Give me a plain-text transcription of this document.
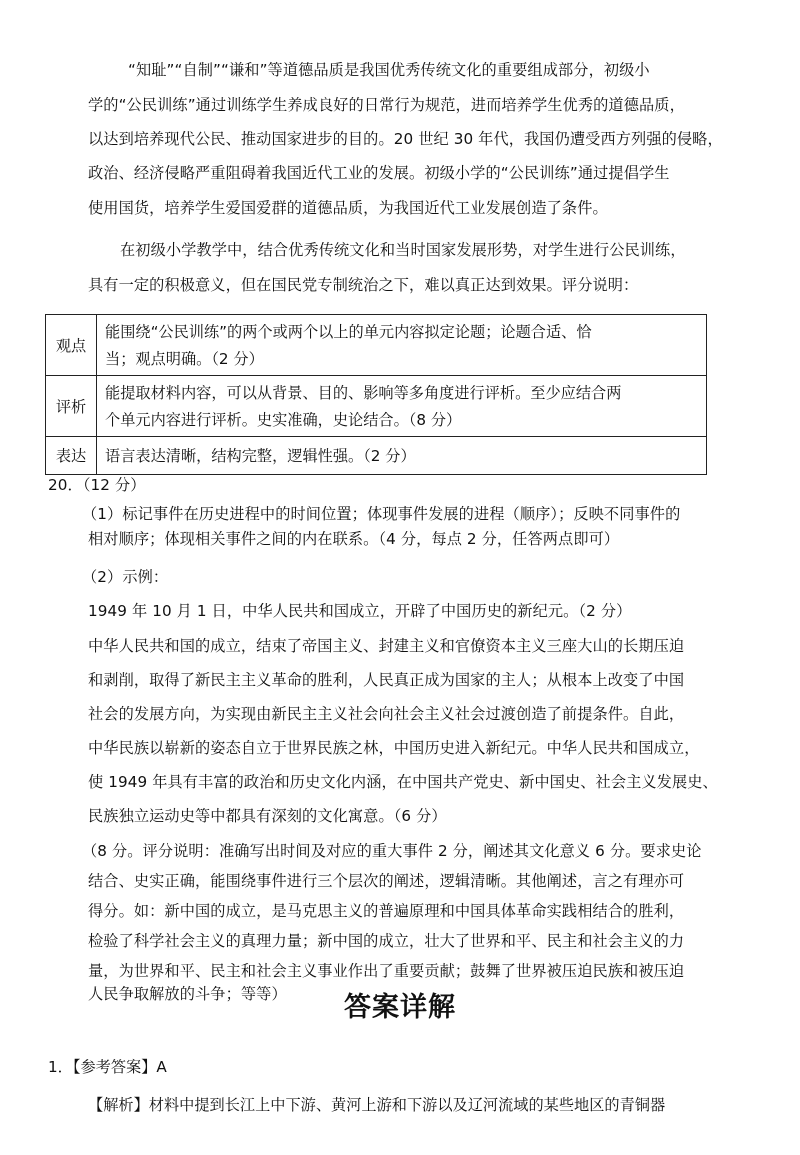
“知耻”“自制”“谦和”等道德品质是我国优秀传统文化的重要组成部分，初级小

学的“公民训练”通过训练学生养成良好的日常行为规范，进而培养学生优秀的道德品质，

以达到培养现代公民、推动国家进步的目的。20 世纪 30 年代，我国仍遭受西方列强的侵略，

政治、经济侵略严重阻碍着我国近代工业的发展。初级小学的“公民训练”通过提倡学生

使用国货，培养学生爱国爱群的道德品质，为我国近代工业发展创造了条件。

在初级小学教学中，结合优秀传统文化和当时国家发展形势，对学生进行公民训练，

具有一定的积极意义，但在国民党专制统治之下，难以真正达到效果。评分说明：

观点	能围绕“公民训练”的两个或两个以上的单元内容拟定论题；论题合适、恰
当；观点明确。（2 分）

评析	能提取材料内容，可以从背景、目的、影响等多角度进行评析。至少应结合两
个单元内容进行评析。史实准确，史论结合。（8 分）

表达	语言表达清晰，结构完整，逻辑性强。（2 分）

20．（12 分）

（1）标记事件在历史进程中的时间位置；体现事件发展的进程（顺序）；反映不同事件的

相对顺序；体现相关事件之间的内在联系。（4 分，每点 2 分，任答两点即可）

（2）示例：

1949 年 10 月 1 日，中华人民共和国成立，开辟了中国历史的新纪元。（2 分）

中华人民共和国的成立，结束了帝国主义、封建主义和官僚资本主义三座大山的长期压迫

和剥削，取得了新民主主义革命的胜利，人民真正成为国家的主人；从根本上改变了中国

社会的发展方向，为实现由新民主主义社会向社会主义社会过渡创造了前提条件。自此，

中华民族以崭新的姿态自立于世界民族之林，中国历史进入新纪元。中华人民共和国成立，

使 1949 年具有丰富的政治和历史文化内涵，在中国共产党史、新中国史、社会主义发展史、

民族独立运动史等中都具有深刻的文化寓意。（6 分）

（8 分。评分说明：准确写出时间及对应的重大事件 2 分，阐述其文化意义 6 分。要求史论

结合、史实正确，能围绕事件进行三个层次的阐述，逻辑清晰。其他阐述，言之有理亦可

得分。如：新中国的成立，是马克思主义的普遍原理和中国具体革命实践相结合的胜利，

检验了科学社会主义的真理力量；新中国的成立，壮大了世界和平、民主和社会主义的力

量，为世界和平、民主和社会主义事业作出了重要贡献；鼓舞了世界被压迫民族和被压迫

人民争取解放的斗争；等等）	答案详解
1．【参考答案】A
【解析】材料中提到长江上中下游、黄河上游和下游以及辽河流域的某些地区的青铜器
